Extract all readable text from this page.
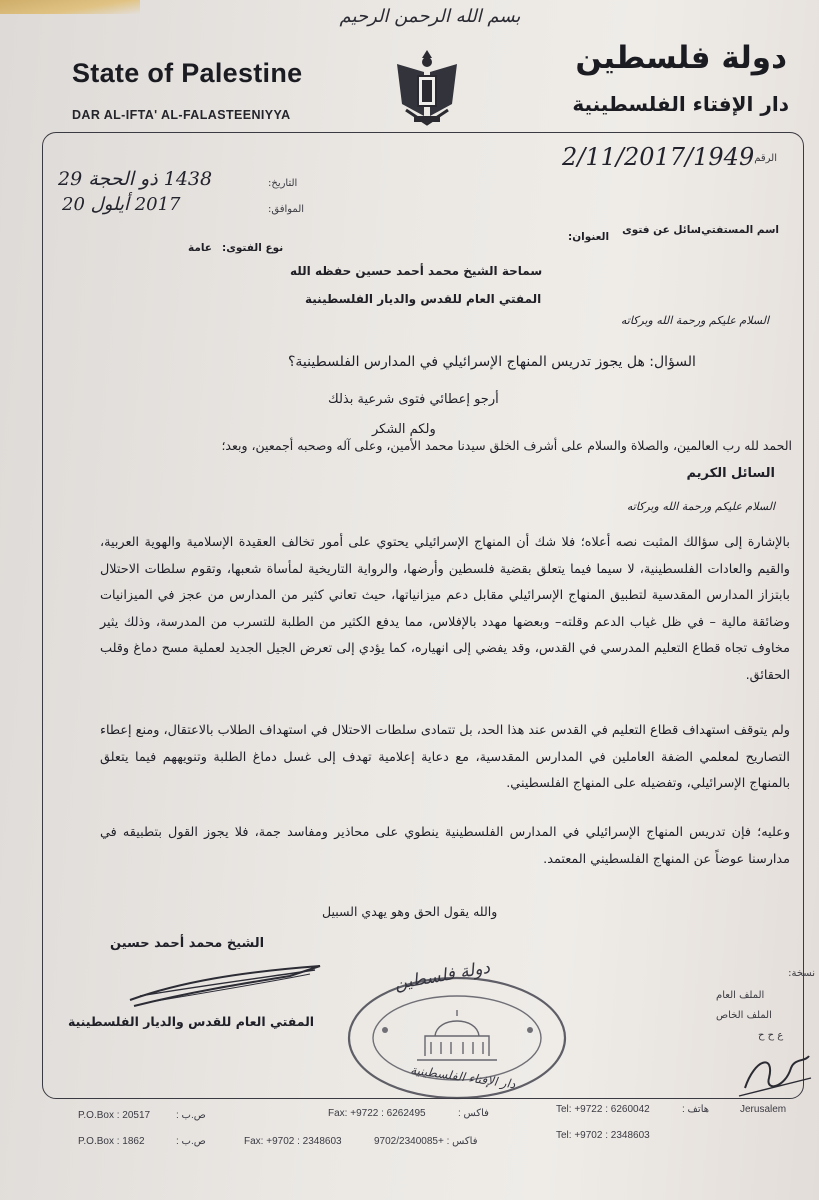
بسم الله الرحمن الرحيم
State of Palestine
DAR AL-IFTA' AL-FALASTEENIYYA
دولة فلسطين
دار الإفتاء الفلسطينية
الرقم
2/11/2017/1949
التاريخ:
1438 ذو الحجة 29
الموافق:
2017 أيلول 20
اسم المستفتي:
سائل عن فتوى
العنوان:
نوع الفتوى:
عامة
سماحة الشيخ محمد أحمد حسين حفظه الله
المفتي العام للقدس والديار الفلسطينية
السلام عليكم ورحمة الله وبركاته
السؤال: هل يجوز تدريس المنهاج الإسرائيلي في المدارس الفلسطينية؟
أرجو إعطائي فتوى شرعية بذلك
ولكم الشكر
الحمد لله رب العالمين، والصلاة والسلام على أشرف الخلق سيدنا محمد الأمين، وعلى آله وصحبه أجمعين، وبعد؛
السائل الكريم
السلام عليكم ورحمة الله وبركاته
بالإشارة إلى سؤالك المثبت نصه أعلاه؛ فلا شك أن المنهاج الإسرائيلي يحتوي على أمور تخالف العقيدة الإسلامية والهوية العربية، والقيم والعادات الفلسطينية، لا سيما فيما يتعلق بقضية فلسطين وأرضها، والرواية التاريخية لمأساة شعبها، وتقوم سلطات الاحتلال بابتزاز المدارس المقدسية لتطبيق المنهاج الإسرائيلي مقابل دعم ميزانياتها، حيث تعاني كثير من المدارس من عجز في الميزانيات وضائقة مالية – في ظل غياب الدعم وقلته– وبعضها مهدد بالإفلاس، مما يدفع الكثير من الطلبة للتسرب من المدرسة، وذلك يثير مخاوف تجاه قطاع التعليم المدرسي في القدس، وقد يفضي إلى انهياره، كما يؤدي إلى تعرض الجيل الجديد لعملية مسح دماغ وقلب الحقائق.
ولم يتوقف استهداف قطاع التعليم في القدس عند هذا الحد، بل تتمادى سلطات الاحتلال في استهداف الطلاب بالاعتقال، ومنع إعطاء التصاريح لمعلمي الضفة العاملين في المدارس المقدسية، مع دعاية إعلامية تهدف إلى غسل دماغ الطلبة وتنويههم فيما يتعلق بالمنهاج الإسرائيلي، وتفضيله على المنهاج الفلسطيني.
وعليه؛ فإن تدريس المنهاج الإسرائيلي في المدارس الفلسطينية ينطوي على محاذير ومفاسد جمة، فلا يجوز القول بتطبيقه في مدارسنا عوضاً عن المنهاج الفلسطيني المعتمد.
والله يقول الحق وهو يهدي السبيل
الشيخ محمد أحمد حسين
المفتي العام للقدس والديار الفلسطينية
دولة فلسطين
دار الإفتاء الفلسطينية
نسخة:
الملف العام
الملف الخاص
ع ح ح
P.O.Box : 20517	ص.ب :
P.O.Box : 1862	ص.ب :
Fax: +9722 : 6262495	فاكس :
Fax: +9702 : 2348603	فاكس : +9702/2340085
Tel: +9722 : 6260042	هاتف :
Tel: +9702 : 2348603
Jerusalem
